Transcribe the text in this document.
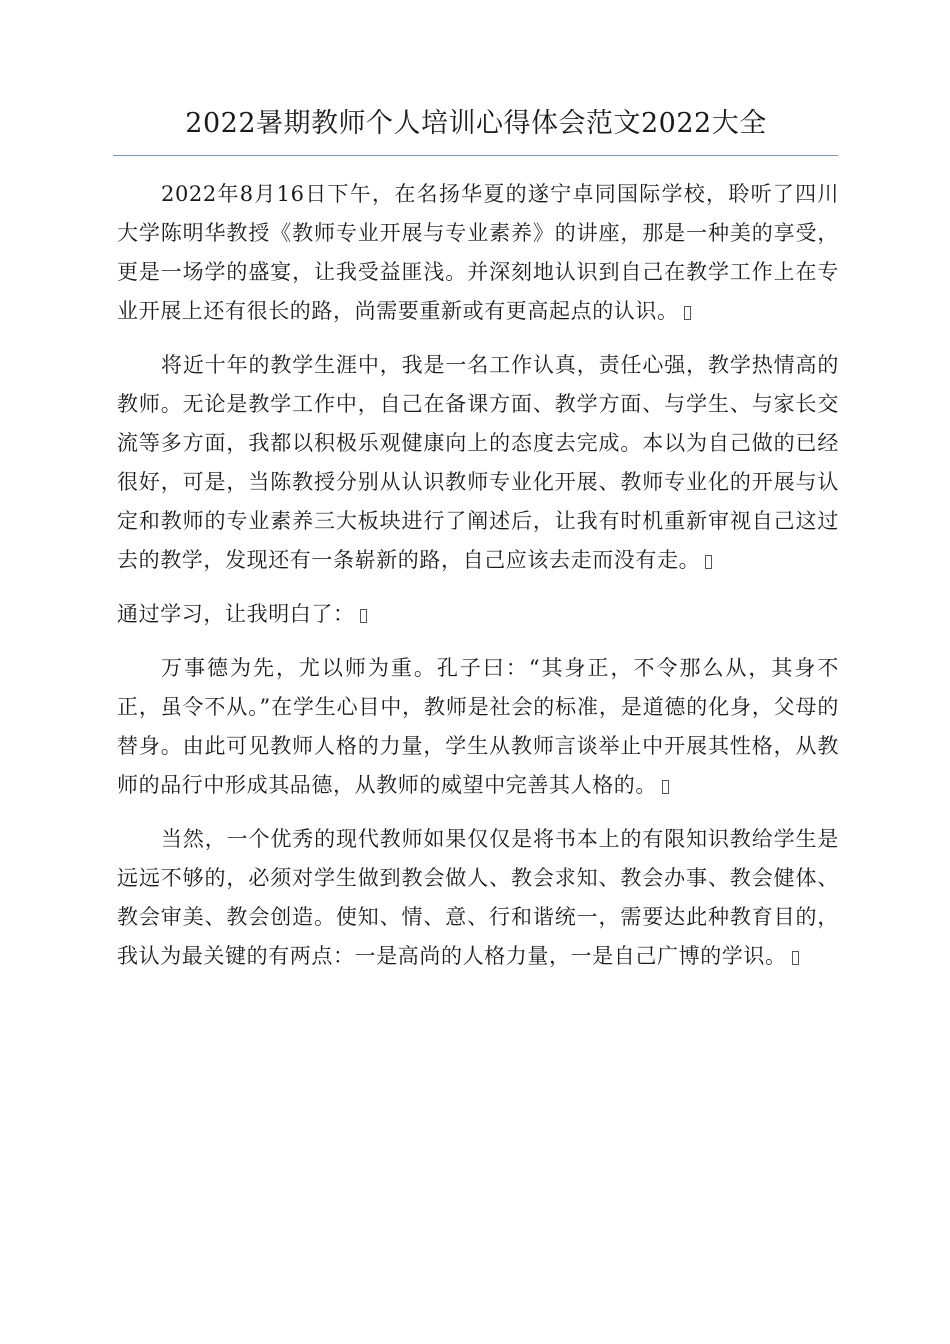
2022暑期教师个人培训心得体会范文2022大全

2022年8月16日下午，在名扬华夏的遂宁卓同国际学校，聆听了四川大学陈明华教授《教师专业开展与专业素养》的讲座，那是一种美的享受，更是一场学的盛宴，让我受益匪浅。并深刻地认识到自己在教学工作上在专业开展上还有很长的路，尚需要重新或有更高起点的认识。

将近十年的教学生涯中，我是一名工作认真，责任心强，教学热情高的教师。无论是教学工作中，自己在备课方面、教学方面、与学生、与家长交流等多方面，我都以积极乐观健康向上的态度去完成。本以为自己做的已经很好，可是，当陈教授分别从认识教师专业化开展、教师专业化的开展与认定和教师的专业素养三大板块进行了阐述后，让我有时机重新审视自己这过去的教学，发现还有一条崭新的路，自己应该去走而没有走。

通过学习，让我明白了：

万事德为先，尤以师为重。孔子曰：“其身正，不令那么从，其身不正，虽令不从。”在学生心目中，教师是社会的标准，是道德的化身，父母的替身。由此可见教师人格的力量，学生从教师言谈举止中开展其性格，从教师的品行中形成其品德，从教师的威望中完善其人格的。

当然，一个优秀的现代教师如果仅仅是将书本上的有限知识教给学生是远远不够的，必须对学生做到教会做人、教会求知、教会办事、教会健体、教会审美、教会创造。使知、情、意、行和谐统一，需要达此种教育目的，我认为最关键的有两点：一是高尚的人格力量，一是自己广博的学识。
